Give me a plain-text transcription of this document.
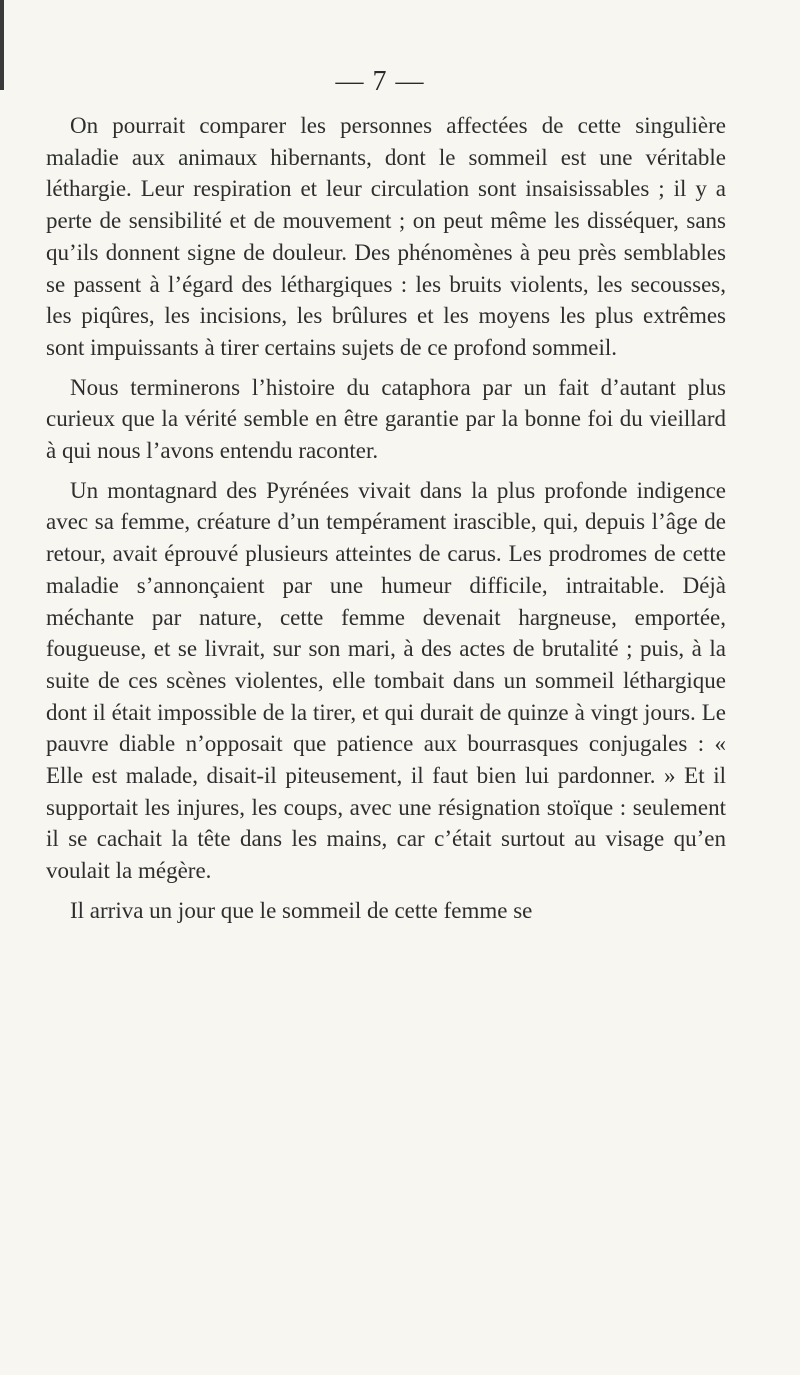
— 7 —

On pourrait comparer les personnes affectées de cette singulière maladie aux animaux hibernants, dont le sommeil est une véritable léthargie. Leur respiration et leur circulation sont insaisissables ; il y a perte de sensibilité et de mouvement ; on peut même les disséquer, sans qu’ils donnent signe de douleur. Des phénomènes à peu près semblables se passent à l’égard des léthargiques : les bruits violents, les secousses, les piqûres, les incisions, les brûlures et les moyens les plus extrêmes sont impuissants à tirer certains sujets de ce profond sommeil.

Nous terminerons l’histoire du cataphora par un fait d’autant plus curieux que la vérité semble en être garantie par la bonne foi du vieillard à qui nous l’avons entendu raconter.

Un montagnard des Pyrénées vivait dans la plus profonde indigence avec sa femme, créature d’un tempérament irascible, qui, depuis l’âge de retour, avait éprouvé plusieurs atteintes de carus. Les prodromes de cette maladie s’annonçaient par une humeur difficile, intraitable. Déjà méchante par nature, cette femme devenait hargneuse, emportée, fougueuse, et se livrait, sur son mari, à des actes de brutalité ; puis, à la suite de ces scènes violentes, elle tombait dans un sommeil léthargique dont il était impossible de la tirer, et qui durait de quinze à vingt jours. Le pauvre diable n’opposait que patience aux bourrasques conjugales : « Elle est malade, disait-il piteusement, il faut bien lui pardonner. » Et il supportait les injures, les coups, avec une résignation stoïque : seulement il se cachait la tête dans les mains, car c’était surtout au visage qu’en voulait la mégère.

Il arriva un jour que le sommeil de cette femme se
